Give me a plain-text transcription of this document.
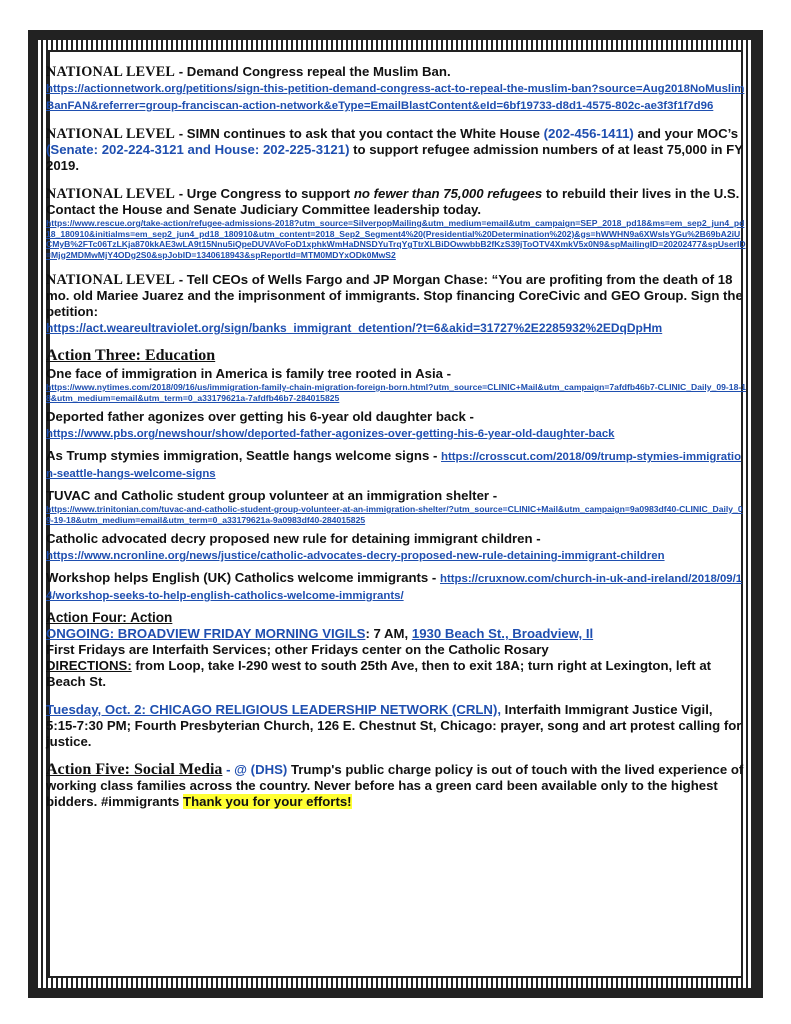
NATIONAL LEVEL - Demand Congress repeal the Muslim Ban.
https://actionnetwork.org/petitions/sign-this-petition-demand-congress-act-to-repeal-the-muslim-ban?source=Aug2018NoMuslimBanFAN&referrer=group-franciscan-action-network&eType=EmailBlastContent&eId=6bf19733-d8d1-4575-802c-ae3f3f1f7d96
NATIONAL LEVEL - SIMN continues to ask that you contact the White House (202-456-1411) and your MOC’s (Senate: 202-224-3121 and House: 202-225-3121) to support refugee admission numbers of at least 75,000 in FY 2019.
NATIONAL LEVEL - Urge Congress to support no fewer than 75,000 refugees to rebuild their lives in the U.S. Contact the House and Senate Judiciary Committee leadership today.
https://www.rescue.org/take-action/refugee-admissions-2018?utm_source=SilverpopMailing&utm_medium=email&utm_campaign=SEP_2018_pd18&ms=em_sep2_jun4_pd18_180910&initialms=em_sep2_jun4_pd18_180910&utm_content=2018_Sep2_Segment4%20(Presidential%20Determination%202)&gs=hWWHN9a6XWsIsYGu%2B69bA2iUCMyB%2FTc06TzLKja870kkAE3wLA9t15Nnu5iQpeDUVAVoFoD1xphkWmHaDNSDYuTrqYgTtrXLBiDOwwbbB2fKzS39jToOTV4XmkV5x0N9&spMailingID=20202477&spUserID=Mjg2MDMwMjY4ODg2S0&spJobID=1340618943&spReportId=MTM0MDYxODk0MwS2
NATIONAL LEVEL - Tell CEOs of Wells Fargo and JP Morgan Chase: “You are profiting from the death of 18 mo. old Mariee Juarez and the imprisonment of immigrants. Stop financing CoreCivic and GEO Group. Sign the petition:
https://act.weareultraviolet.org/sign/banks_immigrant_detention/?t=6&akid=31727%2E2285932%2EDqDpHm
Action Three: Education
One face of immigration in America is family tree rooted in Asia -
https://www.nytimes.com/2018/09/16/us/immigration-family-chain-migration-foreign-born.html?utm_source=CLINIC+Mail&utm_campaign=7afdfb46b7-CLINIC_Daily_09-18-18&utm_medium=email&utm_term=0_a33179621a-7afdfb46b7-284015825
Deported father agonizes over getting his 6-year old daughter back -
https://www.pbs.org/newshour/show/deported-father-agonizes-over-getting-his-6-year-old-daughter-back
As Trump stymies immigration, Seattle hangs welcome signs - https://crosscut.com/2018/09/trump-stymies-immigration-seattle-hangs-welcome-signs
TUVAC and Catholic student group volunteer at an immigration shelter -
https://www.trinitonian.com/tuvac-and-catholic-student-group-volunteer-at-an-immigration-shelter/?utm_source=CLINIC+Mail&utm_campaign=9a0983df40-CLINIC_Daily_09-19-18&utm_medium=email&utm_term=0_a33179621a-9a0983df40-284015825
Catholic advocated decry proposed new rule for detaining immigrant children -
https://www.ncronline.org/news/justice/catholic-advocates-decry-proposed-new-rule-detaining-immigrant-children
Workshop helps English (UK) Catholics welcome immigrants - https://cruxnow.com/church-in-uk-and-ireland/2018/09/14/workshop-seeks-to-help-english-catholics-welcome-immigrants/
Action Four: Action
ONGOING: BROADVIEW FRIDAY MORNING VIGILS: 7 AM, 1930 Beach St., Broadview, Il
First Fridays are Interfaith Services; other Fridays center on the Catholic Rosary
DIRECTIONS: from Loop, take I-290 west to south 25th Ave, then to exit 18A; turn right at Lexington, left at Beach St.
Tuesday, Oct. 2: CHICAGO RELIGIOUS LEADERSHIP NETWORK (CRLN), Interfaith Immigrant Justice Vigil, 5:15-7:30 PM; Fourth Presbyterian Church, 126 E. Chestnut St, Chicago: prayer, song and art protest calling for justice.
Action Five: Social Media - @ (DHS) Trump's public charge policy is out of touch with the lived experience of working class families across the country. Never before has a green card been available only to the highest bidders. #immigrants Thank you for your efforts!
